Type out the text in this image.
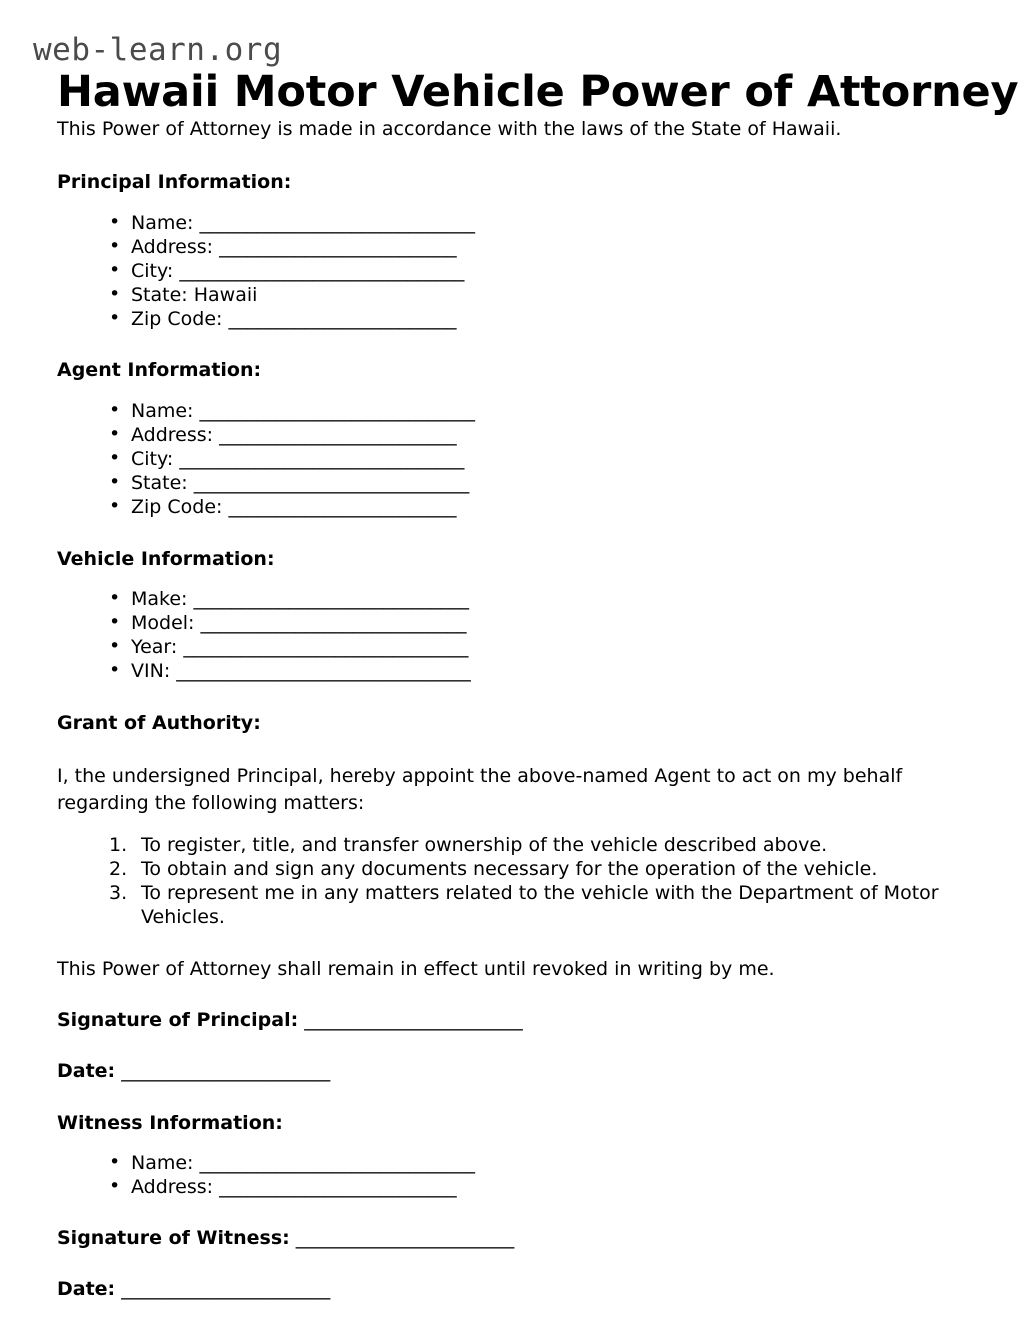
web-learn.org
Hawaii Motor Vehicle Power of Attorney

This Power of Attorney is made in accordance with the laws of the State of Hawaii.

Principal Information:
• Name: _____________________________
• Address: _________________________
• City: ______________________________
• State: Hawaii
• Zip Code: ________________________
Agent Information:
• Name: _____________________________
• Address: _________________________
• City: ______________________________
• State: _____________________________
• Zip Code: ________________________
Vehicle Information:
• Make: _____________________________
• Model: ____________________________
• Year: ______________________________
• VIN: _______________________________
Grant of Authority:

I, the undersigned Principal, hereby appoint the above-named Agent to act on my behalf regarding the following matters:

To register, title, and transfer ownership of the vehicle described above.
To obtain and sign any documents necessary for the operation of the vehicle.
To represent me in any matters related to the vehicle with the Department of Motor Vehicles.

This Power of Attorney shall remain in effect until revoked in writing by me.

Signature of Principal: _______________________
Date: ______________________
Witness Information:
• Name: _____________________________
• Address: _________________________
Signature of Witness: _______________________
Date: ______________________
